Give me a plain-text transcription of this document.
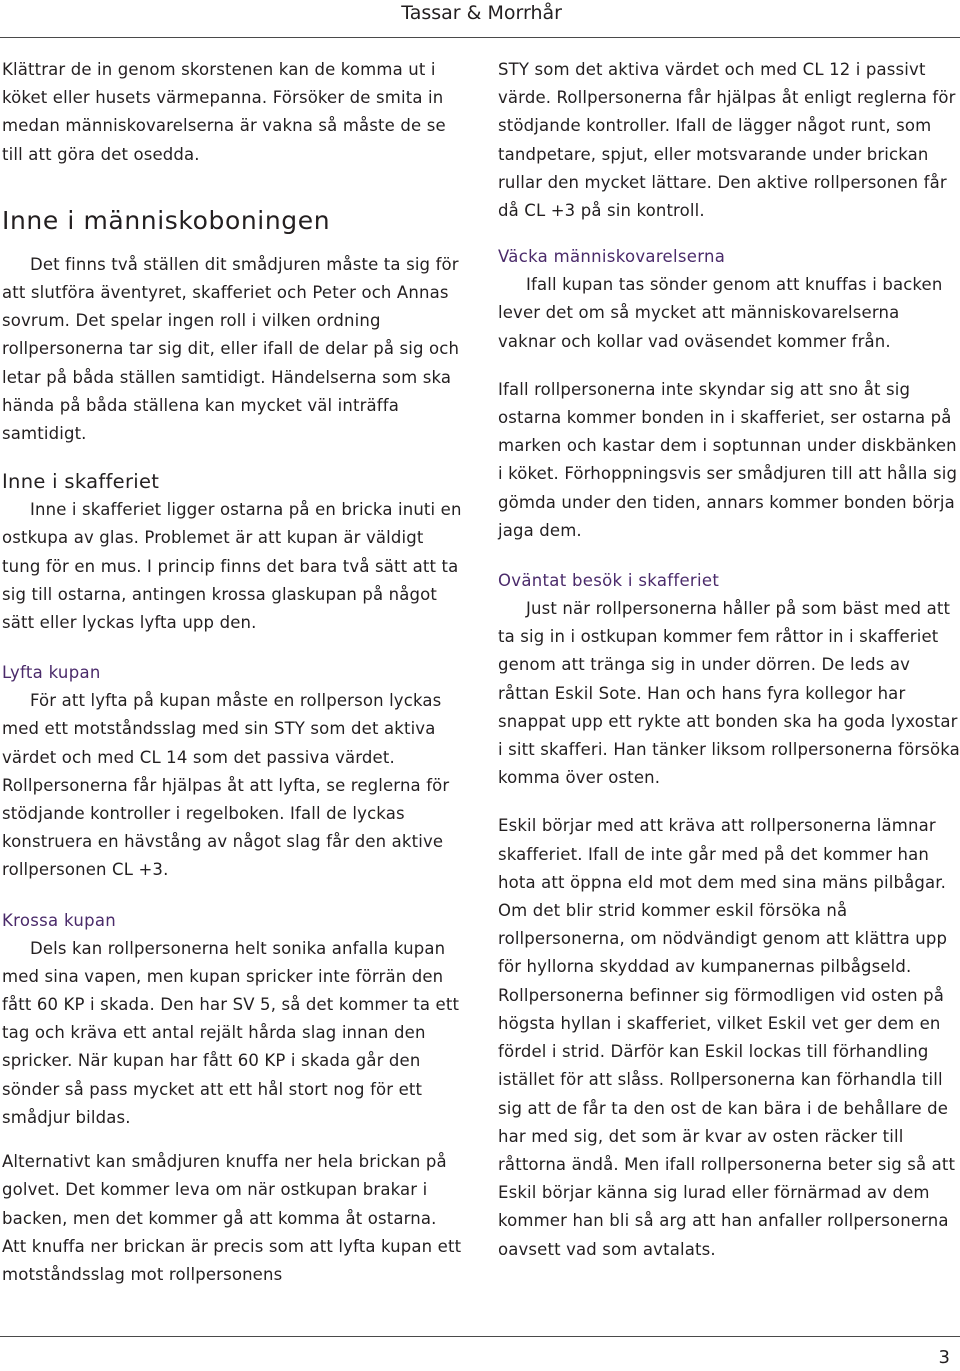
Tassar & Morrhår

Klättrar de in genom skorstenen kan de komma ut i köket eller husets värmepanna. Försöker de smita in medan människovarelserna är vakna så måste de se till att göra det osedda.

Inne i människoboningen

Det finns två ställen dit smådjuren måste ta sig för att slutföra äventyret, skafferiet och Peter och Annas sovrum. Det spelar ingen roll i vilken ordning rollpersonerna tar sig dit, eller ifall de delar på sig och letar på båda ställen samtidigt. Händelserna som ska hända på båda ställena kan mycket väl inträffa samtidigt.

Inne i skafferiet

Inne i skafferiet ligger ostarna på en bricka inuti en ostkupa av glas. Problemet är att kupan är väldigt tung för en mus. I princip finns det bara två sätt att ta sig till ostarna, antingen krossa glaskupan på något sätt eller lyckas lyfta upp den.

Lyfta kupan

För att lyfta på kupan måste en rollperson lyckas med ett motståndsslag med sin STY som det aktiva värdet och med CL 14 som det passiva värdet. Rollpersonerna får hjälpas åt att lyfta, se reglerna för stödjande kontroller i regelboken. Ifall de lyckas konstruera en hävstång av något slag får den aktive rollpersonen CL +3.

Krossa kupan

Dels kan rollpersonerna helt sonika anfalla kupan med sina vapen, men kupan spricker inte förrän den fått 60 KP i skada. Den har SV 5, så det kommer ta ett tag och kräva ett antal rejält hårda slag innan den spricker. När kupan har fått 60 KP i skada går den sönder så pass mycket att ett hål stort nog för ett smådjur bildas.

Alternativt kan smådjuren knuffa ner hela brickan på golvet. Det kommer leva om när ostkupan brakar i backen, men det kommer gå att komma åt ostarna. Att knuffa ner brickan är precis som att lyfta kupan ett motståndsslag mot rollpersonens

STY som det aktiva värdet och med CL 12 i passivt värde. Rollpersonerna får hjälpas åt enligt reglerna för stödjande kontroller. Ifall de lägger något runt, som tandpetare, spjut, eller motsvarande under brickan rullar den mycket lättare. Den aktive rollpersonen får då CL +3 på sin kontroll.

Väcka människovarelserna

Ifall kupan tas sönder genom att knuffas i backen lever det om så mycket att människovarelserna vaknar och kollar vad oväsendet kommer från.

Ifall rollpersonerna inte skyndar sig att sno åt sig ostarna kommer bonden in i skafferiet, ser ostarna på marken och kastar dem i soptunnan under diskbänken i köket. Förhoppningsvis ser smådjuren till att hålla sig gömda under den tiden, annars kommer bonden börja jaga dem.

Oväntat besök i skafferiet

Just när rollpersonerna håller på som bäst med att ta sig in i ostkupan kommer fem råttor in i skafferiet genom att tränga sig in under dörren. De leds av råttan Eskil Sote. Han och hans fyra kollegor har snappat upp ett rykte att bonden ska ha goda lyxostar i sitt skafferi. Han tänker liksom rollpersonerna försöka komma över osten.

Eskil börjar med att kräva att rollpersonerna lämnar skafferiet. Ifall de inte går med på det kommer han hota att öppna eld mot dem med sina mäns pilbågar. Om det blir strid kommer eskil försöka nå rollpersonerna, om nödvändigt genom att klättra upp för hyllorna skyddad av kumpanernas pilbågseld. Rollpersonerna befinner sig förmodligen vid osten på högsta hyllan i skafferiet, vilket Eskil vet ger dem en fördel i strid. Därför kan Eskil lockas till förhandling istället för att slåss. Rollpersonerna kan förhandla till sig att de får ta den ost de kan bära i de behållare de har med sig, det som är kvar av osten räcker till råttorna ändå. Men ifall rollpersonerna beter sig så att Eskil börjar känna sig lurad eller förnärmad av dem kommer han bli så arg att han anfaller rollpersonerna oavsett vad som avtalats.

3
